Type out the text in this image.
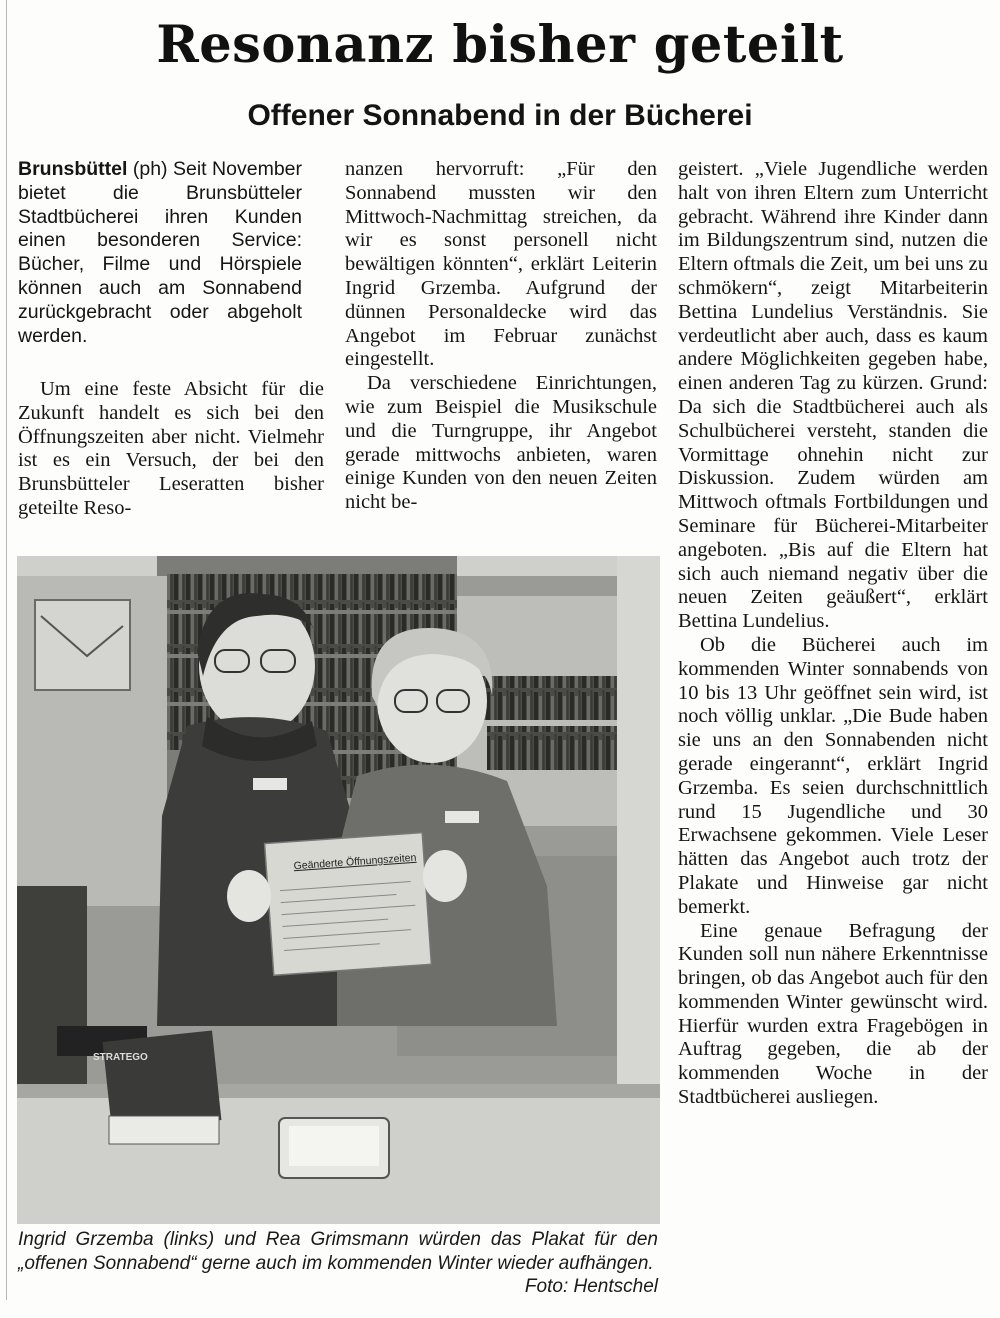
Resonanz bisher geteilt
Offener Sonnabend in der Bücherei

Brunsbüttel (ph) Seit November bietet die Brunsbütteler Stadtbücherei ihren Kunden einen besonderen Service: Bücher, Filme und Hörspiele können auch am Sonnabend zurückgebracht oder abgeholt werden.

Um eine feste Absicht für die Zukunft handelt es sich bei den Öffnungszeiten aber nicht. Vielmehr ist es ein Versuch, der bei den Brunsbütteler Leseratten bisher geteilte Reso-

nanzen hervorruft: „Für den Sonnabend mussten wir den Mittwoch-Nachmittag streichen, da wir es sonst personell nicht bewältigen könnten“, erklärt Leiterin Ingrid Grzemba. Aufgrund der dünnen Personaldecke wird das Angebot im Februar zunächst eingestellt.

Da verschiedene Einrichtungen, wie zum Beispiel die Musikschule und die Turngruppe, ihr Angebot gerade mittwochs anbieten, waren einige Kunden von den neuen Zeiten nicht be-

geistert. „Viele Jugendliche werden halt von ihren Eltern zum Unterricht gebracht. Während ihre Kinder dann im Bildungszentrum sind, nutzen die Eltern oftmals die Zeit, um bei uns zu schmökern“, zeigt Mitarbeiterin Bettina Lundelius Verständnis. Sie verdeutlicht aber auch, dass es kaum andere Möglichkeiten gegeben habe, einen anderen Tag zu kürzen. Grund: Da sich die Stadtbücherei auch als Schulbücherei versteht, standen die Vormittage ohnehin nicht zur Diskussion. Zudem würden am Mittwoch oftmals Fortbildungen und Seminare für Bücherei-Mitarbeiter angeboten. „Bis auf die Eltern hat sich auch niemand negativ über die neuen Zeiten geäußert“, erklärt Bettina Lundelius.

Ob die Bücherei auch im kommenden Winter sonnabends von 10 bis 13 Uhr geöffnet sein wird, ist noch völlig unklar. „Die Bude haben sie uns an den Sonnabenden nicht gerade eingerannt“, erklärt Ingrid Grzemba. Es seien durchschnittlich rund 15 Jugendliche und 30 Erwachsene gekommen. Viele Leser hätten das Angebot auch trotz der Plakate und Hinweise gar nicht bemerkt.

Eine genaue Befragung der Kunden soll nun nähere Erkenntnisse bringen, ob das Angebot auch für den kommenden Winter gewünscht wird. Hierfür wurden extra Fragebögen in Auftrag gegeben, die ab der kommenden Woche in der Stadtbücherei ausliegen.

Geänderte Öffnungszeiten
STRATEGO

Ingrid Grzemba (links) und Rea Grimsmann würden das Plakat für den „offenen Sonnabend“ gerne auch im kommenden Winter wieder aufhängen.
Foto: Hentschel
